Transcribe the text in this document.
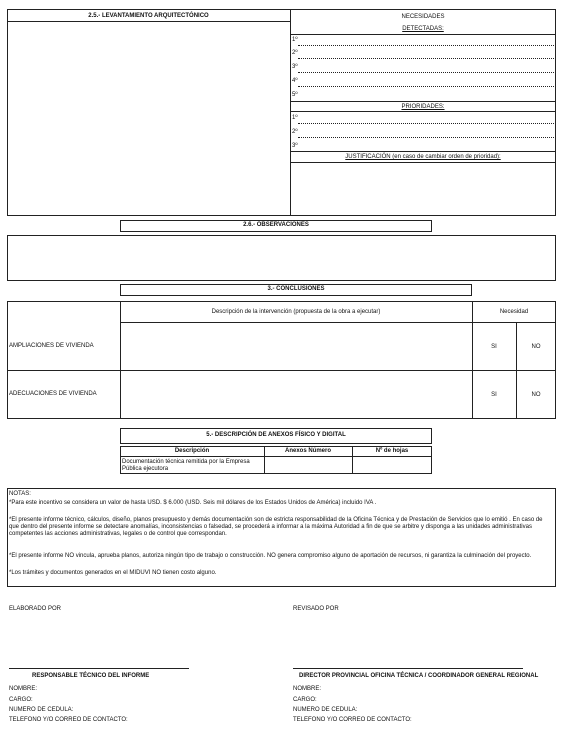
2.5.- LEVANTAMIENTO ARQUITECTÓNICO	NECESIDADES
DETECTADAS:
1º
2º
3º
4º
5º
PRIORIDADES:
1º
2º
3º
JUSTIFICACIÓN (en caso de cambiar orden de prioridad):
2.6.- OBSERVACIONES
3.- CONCLUSIONES
Descripción de la intervención (propuesta de la obra a ejecutar)	Necesidad
AMPLIACIONES DE VIVIENDA	SI	NO
ADECUACIONES DE VIVIENDA	SI	NO
5.- DESCRIPCIÓN DE ANEXOS FÍSICO Y DIGITAL
Descripción	Anexos Número	Nº de hojas
Documentación técnica remitida por la Empresa Pública ejecutora
NOTAS:
*Para este incentivo se considera un valor de hasta USD. $ 6.000 (USD. Seis mil dólares de los Estados Unidos de América) incluido IVA .
*El presente informe técnico, cálculos, diseño, planos presupuesto y demás documentación son de estricta responsabilidad de la Oficina Técnica y de Prestación de Servicios que lo emitió . En caso de que dentro del presente informe se detectare anomalías, inconsistencias o falsedad, se procederá a informar a la máxima Autoridad a fin de que se arbitre y disponga a las unidades administrativas competentes las acciones administrativas, legales o de control que correspondan.
*El presente informe NO vincula, aprueba planos, autoriza ningún tipo de trabajo o construcción. NO genera compromiso alguno de aportación de recursos, ni garantiza la culminación del proyecto.
*Los trámites y documentos generados en el MIDUVI NO tienen costo alguno.
ELABORADO POR	REVISADO POR
RESPONSABLE TÉCNICO DEL INFORME	DIRECTOR PROVINCIAL OFICINA TÉCNICA / COORDINADOR GENERAL REGIONAL
NOMBRE:
CARGO:
NUMERO DE CEDULA:
TELEFONO Y/O CORREO DE CONTACTO:
NOMBRE:
CARGO:
NUMERO DE CEDULA:
TELEFONO Y/O CORREO DE CONTACTO:
